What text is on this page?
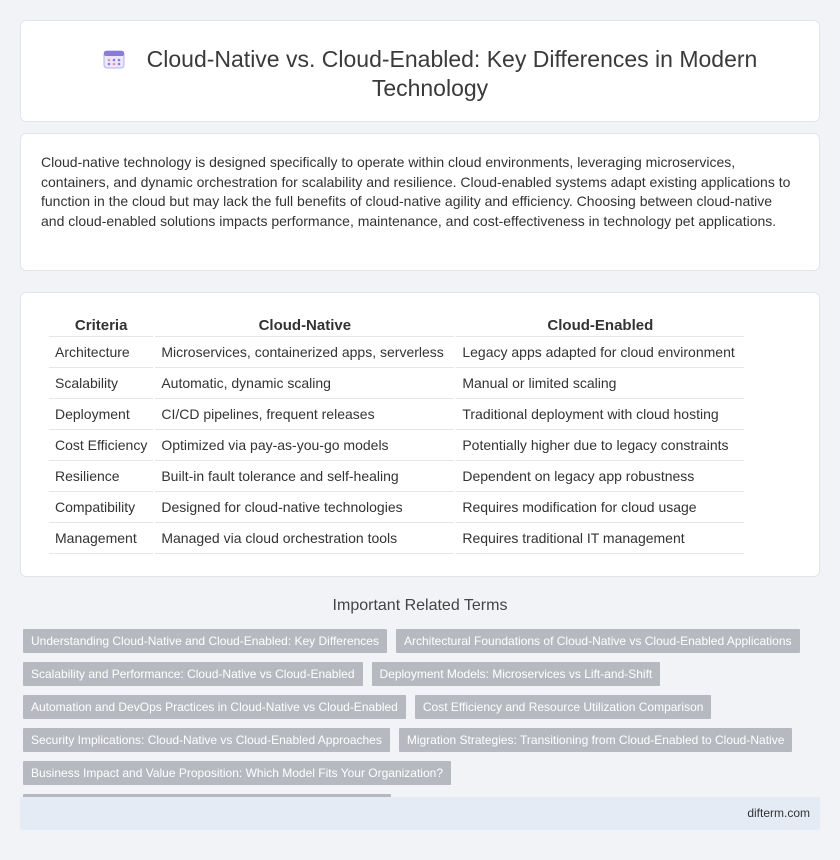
Cloud-Native vs. Cloud-Enabled: Key Differences in Modern Technology

Cloud-native technology is designed specifically to operate within cloud environments, leveraging microservices, containers, and dynamic orchestration for scalability and resilience. Cloud-enabled systems adapt existing applications to function in the cloud but may lack the full benefits of cloud-native agility and efficiency. Choosing between cloud-native and cloud-enabled solutions impacts performance, maintenance, and cost-effectiveness in technology pet applications.

Criteria	Cloud-Native	Cloud-Enabled
Architecture	Microservices, containerized apps, serverless	Legacy apps adapted for cloud environment
Scalability	Automatic, dynamic scaling	Manual or limited scaling
Deployment	CI/CD pipelines, frequent releases	Traditional deployment with cloud hosting
Cost Efficiency	Optimized via pay-as-you-go models	Potentially higher due to legacy constraints
Resilience	Built-in fault tolerance and self-healing	Dependent on legacy app robustness
Compatibility	Designed for cloud-native technologies	Requires modification for cloud usage
Management	Managed via cloud orchestration tools	Requires traditional IT management
Important Related Terms
Understanding Cloud-Native and Cloud-Enabled: Key Differences	Architectural Foundations of Cloud-Native vs Cloud-Enabled Applications
Scalability and Performance: Cloud-Native vs Cloud-Enabled	Deployment Models: Microservices vs Lift-and-Shift
Automation and DevOps Practices in Cloud-Native vs Cloud-Enabled	Cost Efficiency and Resource Utilization Comparison
Security Implications: Cloud-Native vs Cloud-Enabled Approaches	Migration Strategies: Transitioning from Cloud-Enabled to Cloud-Native
Business Impact and Value Proposition: Which Model Fits Your Organization?
difterm.com
